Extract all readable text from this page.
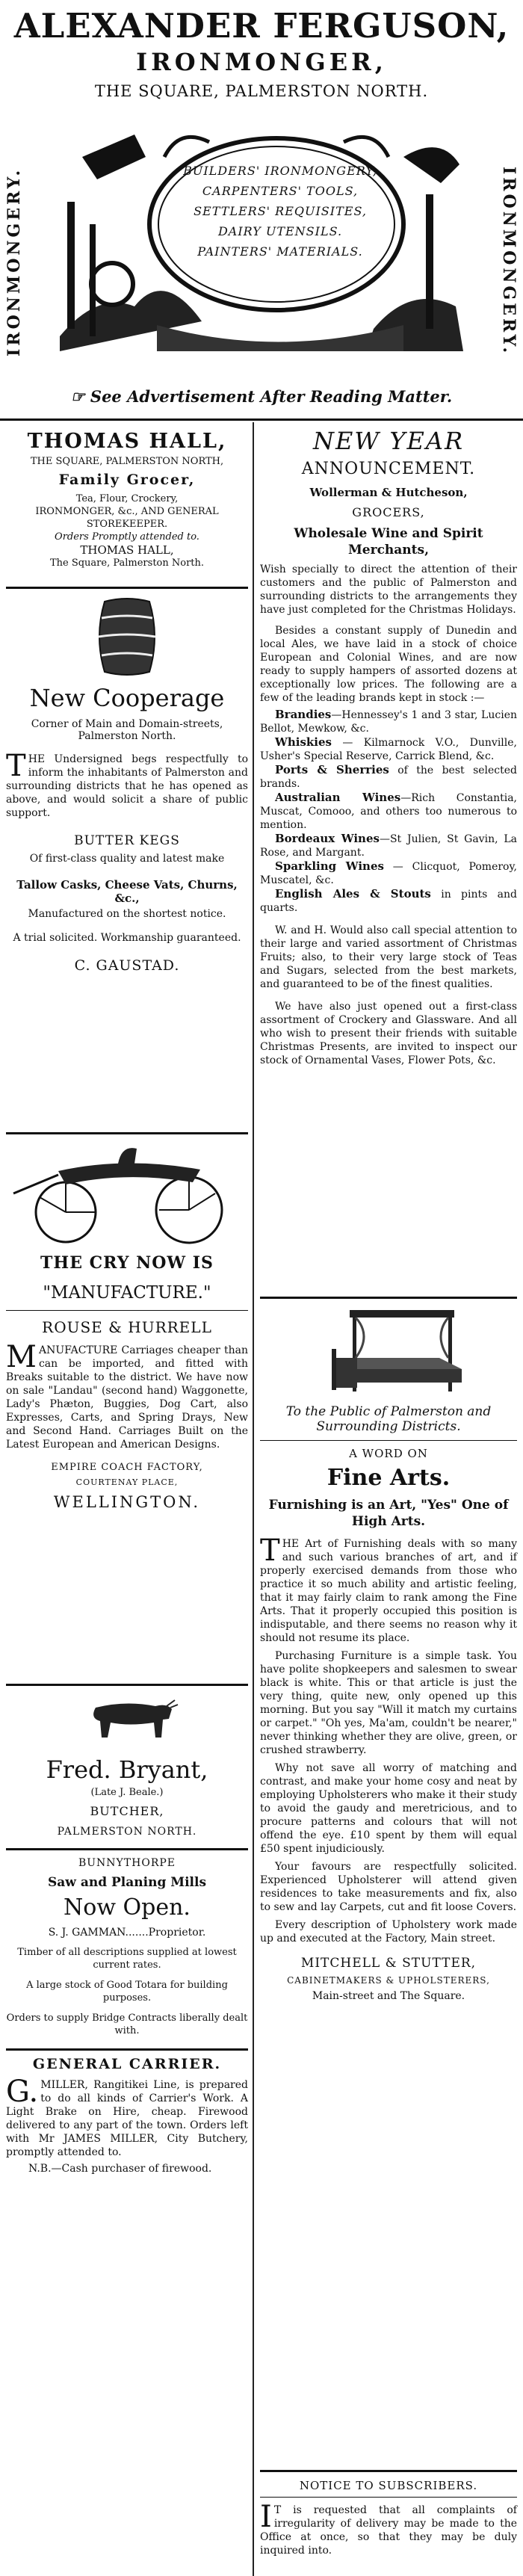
ALEXANDER FERGUSON,
IRONMONGER,
THE SQUARE, PALMERSTON NORTH.
IRONMONGERY.	IRONMONGERY.
BUILDERS' IRONMONGERY,
CARPENTERS' TOOLS,
SETTLERS' REQUISITES,
DAIRY UTENSILS.
PAINTERS' MATERIALS.
☞ See Advertisement After Reading Matter.
THOMAS HALL,
THE SQUARE, PALMERSTON NORTH,
Family Grocer,
Tea, Flour, Crockery,
IRONMONGER, &c., AND GENERAL
STOREKEEPER.
Orders Promptly attended to.
THOMAS HALL,
The Square, Palmerston North.
New Cooperage
Corner of Main and Domain-streets,
Palmerston North.
THE Undersigned begs respectfully to inform the inhabitants of Palmerston and surrounding districts that he has opened as above, and would solicit a share of public support.
BUTTER KEGS
Of first-class quality and latest make
Tallow Casks, Cheese Vats, Churns, &c.,
Manufactured on the shortest notice.
A trial solicited. Workmanship guaranteed.
C. GAUSTAD.
THE CRY NOW IS
"MANUFACTURE."
ROUSE & HURRELL
MANUFACTURE Carriages cheaper than can be imported, and fitted with Breaks suitable to the district. We have now on sale "Landau" (second hand) Waggonette, Lady's Phæton, Buggies, Dog Cart, also Expresses, Carts, and Spring Drays, New and Second Hand. Carriages Built on the Latest European and American Designs.
EMPIRE COACH FACTORY,
COURTENAY PLACE,
WELLINGTON.
Fred. Bryant,
(Late J. Beale.)
BUTCHER,
PALMERSTON NORTH.
BUNNYTHORPE
Saw and Planing Mills
Now Open.
S. J. GAMMAN.......Proprietor.
Timber of all descriptions supplied at lowest current rates.
A large stock of Good Totara for building purposes.
Orders to supply Bridge Contracts liberally dealt with.
GENERAL CARRIER.
G. MILLER, Rangitikei Line, is prepared to do all kinds of Carrier's Work. A Light Brake on Hire, cheap. Firewood delivered to any part of the town. Orders left with Mr JAMES MILLER, City Butchery, promptly attended to.
N.B.—Cash purchaser of firewood.
NEW YEAR
ANNOUNCEMENT.
Wollerman & Hutcheson,
GROCERS,
Wholesale Wine and Spirit Merchants,
Wish specially to direct the attention of their customers and the public of Palmerston and surrounding districts to the arrangements they have just completed for the Christmas Holidays.
Besides a constant supply of Dunedin and local Ales, we have laid in a stock of choice European and Colonial Wines, and are now ready to supply hampers of assorted dozens at exceptionally low prices. The following are a few of the leading brands kept in stock :—
Brandies—Hennessey's 1 and 3 star, Lucien Bellot, Mewkow, &c.
Whiskies — Kilmarnock V.O., Dunville, Usher's Special Reserve, Carrick Blend, &c.
Ports & Sherries of the best selected brands.
Australian Wines—Rich Constantia, Muscat, Comooo, and others too numerous to mention.
Bordeaux Wines—St Julien, St Gavin, La Rose, and Margant.
Sparkling Wines — Clicquot, Pomeroy, Muscatel, &c.
English Ales & Stouts in pints and quarts.
W. and H. Would also call special attention to their large and varied assortment of Christmas Fruits; also, to their very large stock of Teas and Sugars, selected from the best markets, and guaranteed to be of the finest qualities.
We have also just opened out a first-class assortment of Crockery and Glassware. And all who wish to present their friends with suitable Christmas Presents, are invited to inspect our stock of Ornamental Vases, Flower Pots, &c.
To the Public of Palmerston and
Surrounding Districts.
A WORD ON
Fine Arts.
Furnishing is an Art, "Yes" One of High Arts.
THE Art of Furnishing deals with so many and such various branches of art, and if properly exercised demands from those who practice it so much ability and artistic feeling, that it may fairly claim to rank among the Fine Arts. That it properly occupied this position is indisputable, and there seems no reason why it should not resume its place.
Purchasing Furniture is a simple task. You have polite shopkeepers and salesmen to swear black is white. This or that article is just the very thing, quite new, only opened up this morning. But you say "Will it match my curtains or carpet." "Oh yes, Ma'am, couldn't be nearer," never thinking whether they are olive, green, or crushed strawberry.
Why not save all worry of matching and contrast, and make your home cosy and neat by employing Upholsterers who make it their study to avoid the gaudy and meretricious, and to procure patterns and colours that will not offend the eye. £10 spent by them will equal £50 spent injudiciously.
Your favours are respectfully solicited. Experienced Upholsterer will attend given residences to take measurements and fix, also to sew and lay Carpets, cut and fit loose Covers.
Every description of Upholstery work made up and executed at the Factory, Main street.
MITCHELL & STUTTER,
CABINETMAKERS & UPHOLSTERERS,
Main-street and The Square.
NOTICE TO SUBSCRIBERS.
I T is requested that all complaints of irregularity of delivery may be made to the Office at once, so that they may be duly inquired into.
